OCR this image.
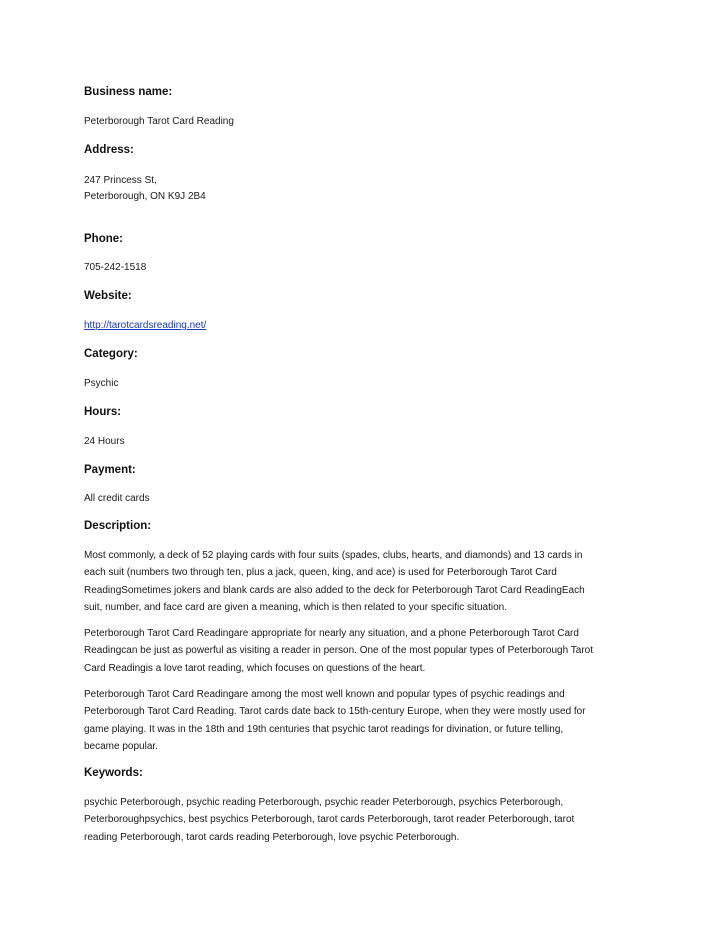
Business name:
Peterborough Tarot Card Reading
Address:
247 Princess St,
Peterborough, ON K9J 2B4
Phone:
705-242-1518
Website:
http://tarotcardsreading.net/
Category:
Psychic
Hours:
24 Hours
Payment:
All credit cards
Description:
Most commonly, a deck of 52 playing cards with four suits (spades, clubs, hearts, and diamonds) and 13 cards in
each suit (numbers two through ten, plus a jack, queen, king, and ace) is used for Peterborough Tarot Card
ReadingSometimes jokers and blank cards are also added to the deck for Peterborough Tarot Card ReadingEach
suit, number, and face card are given a meaning, which is then related to your specific situation.
Peterborough Tarot Card Readingare appropriate for nearly any situation, and a phone Peterborough Tarot Card
Readingcan be just as powerful as visiting a reader in person. One of the most popular types of Peterborough Tarot
Card Readingis a love tarot reading, which focuses on questions of the heart.
Peterborough Tarot Card Readingare among the most well known and popular types of psychic readings and
Peterborough Tarot Card Reading. Tarot cards date back to 15th-century Europe, when they were mostly used for
game playing. It was in the 18th and 19th centuries that psychic tarot readings for divination, or future telling,
became popular.
Keywords:
psychic Peterborough, psychic reading Peterborough, psychic reader Peterborough, psychics Peterborough,
Peterboroughpsychics, best psychics Peterborough, tarot cards Peterborough, tarot reader Peterborough, tarot
reading Peterborough, tarot cards reading Peterborough, love psychic Peterborough.
